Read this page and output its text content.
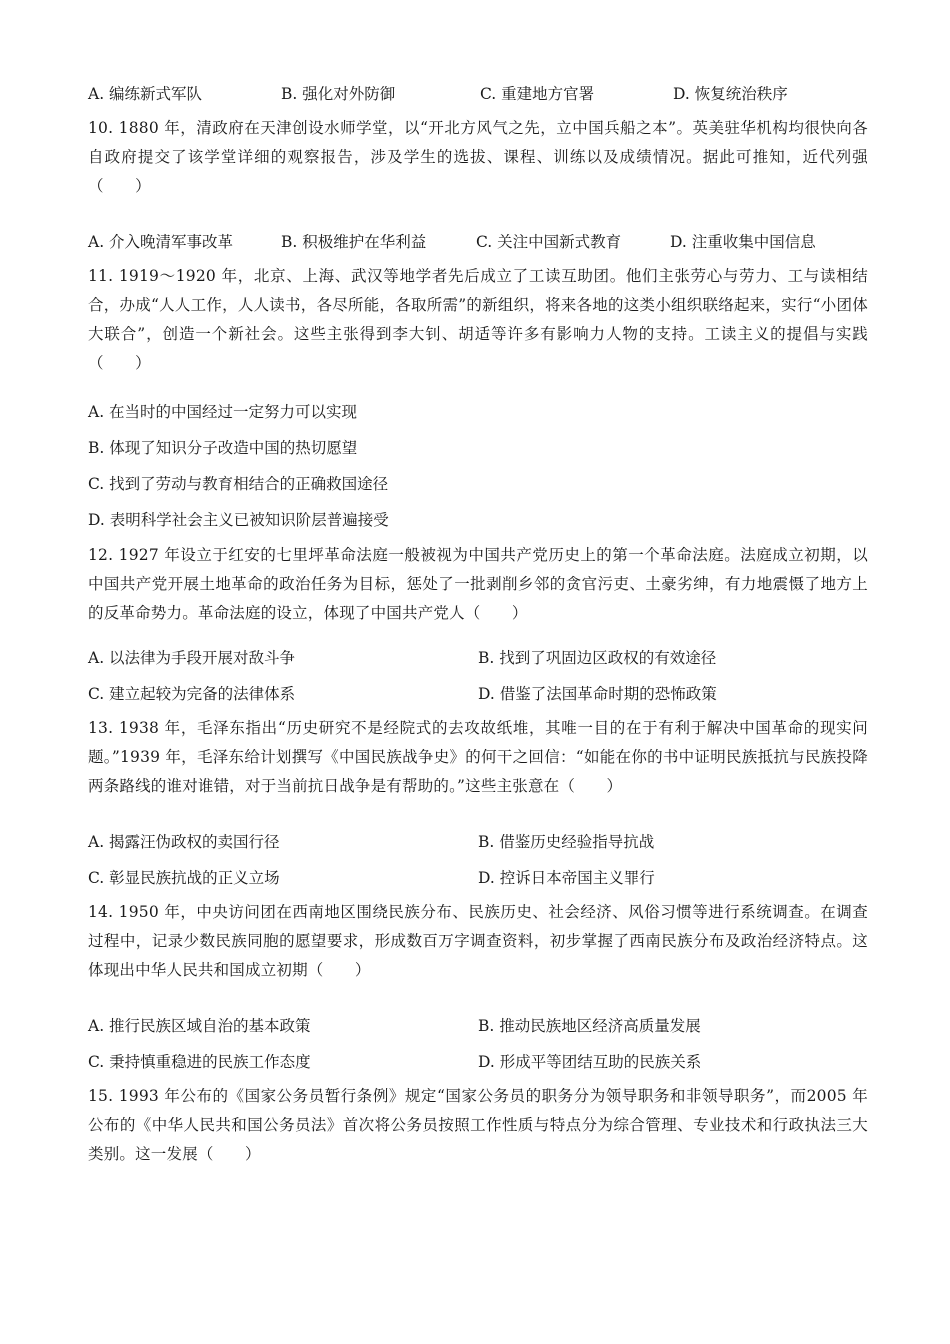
A. 编练新式军队	B. 强化对外防御	C. 重建地方官署	D. 恢复统治秩序
10. 1880 年，清政府在天津创设水师学堂，以“开北方风气之先，立中国兵船之本”。英美驻华机构均很快向各自政府提交了该学堂详细的观察报告，涉及学生的选拔、课程、训练以及成绩情况。据此可推知，近代列强（　　）
A. 介入晚清军事改革	B. 积极维护在华利益	C. 关注中国新式教育	D. 注重收集中国信息
11. 1919～1920 年，北京、上海、武汉等地学者先后成立了工读互助团。他们主张劳心与劳力、工与读相结合，办成“人人工作，人人读书，各尽所能，各取所需”的新组织，将来各地的这类小组织联络起来，实行“小团体大联合”，创造一个新社会。这些主张得到李大钊、胡适等许多有影响力人物的支持。工读主义的提倡与实践（　　）
A. 在当时的中国经过一定努力可以实现
B. 体现了知识分子改造中国的热切愿望
C. 找到了劳动与教育相结合的正确救国途径
D. 表明科学社会主义已被知识阶层普遍接受
12. 1927 年设立于红安的七里坪革命法庭一般被视为中国共产党历史上的第一个革命法庭。法庭成立初期，以中国共产党开展土地革命的政治任务为目标，惩处了一批剥削乡邻的贪官污吏、土豪劣绅，有力地震慑了地方上的反革命势力。革命法庭的设立，体现了中国共产党人（　　）
A. 以法律为手段开展对敌斗争	B. 找到了巩固边区政权的有效途径
C. 建立起较为完备的法律体系	D. 借鉴了法国革命时期的恐怖政策
13. 1938 年，毛泽东指出“历史研究不是经院式的去攻故纸堆，其唯一目的在于有利于解决中国革命的现实问题。”1939 年，毛泽东给计划撰写《中国民族战争史》的何干之回信：“如能在你的书中证明民族抵抗与民族投降两条路线的谁对谁错，对于当前抗日战争是有帮助的。”这些主张意在（　　）
A. 揭露汪伪政权的卖国行径	B. 借鉴历史经验指导抗战
C. 彰显民族抗战的正义立场	D. 控诉日本帝国主义罪行
14. 1950 年，中央访问团在西南地区围绕民族分布、民族历史、社会经济、风俗习惯等进行系统调查。在调查过程中，记录少数民族同胞的愿望要求，形成数百万字调查资料，初步掌握了西南民族分布及政治经济特点。这体现出中华人民共和国成立初期（　　）
A. 推行民族区域自治的基本政策	B. 推动民族地区经济高质量发展
C. 秉持慎重稳进的民族工作态度	D. 形成平等团结互助的民族关系
15. 1993 年公布的《国家公务员暂行条例》规定“国家公务员的职务分为领导职务和非领导职务”，而2005 年公布的《中华人民共和国公务员法》首次将公务员按照工作性质与特点分为综合管理、专业技术和行政执法三大类别。这一发展（　　）
